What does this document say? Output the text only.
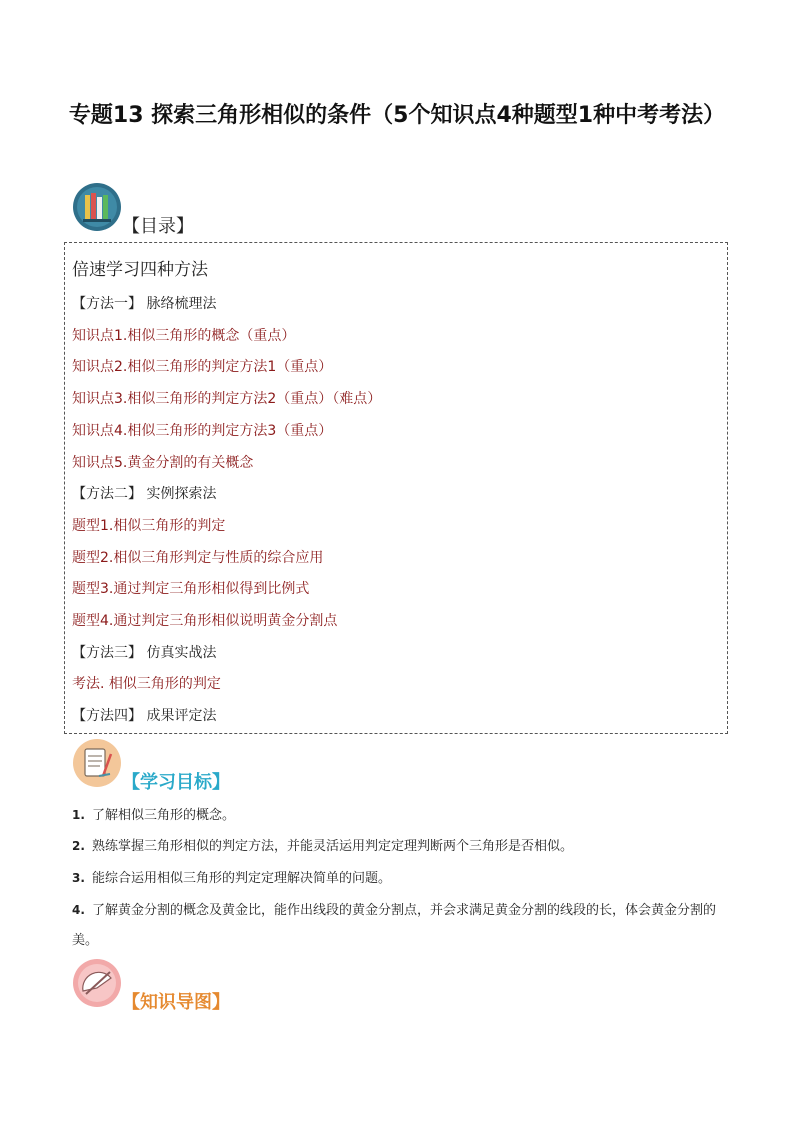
专题13 探索三角形相似的条件（5个知识点4种题型1种中考考法）
【目录】
倍速学习四种方法
【方法一】 脉络梳理法
知识点1.相似三角形的概念（重点）
知识点2.相似三角形的判定方法1（重点）
知识点3.相似三角形的判定方法2（重点）（难点）
知识点4.相似三角形的判定方法3（重点）
知识点5.黄金分割的有关概念
【方法二】 实例探索法
题型1.相似三角形的判定
题型2.相似三角形判定与性质的综合应用
题型3.通过判定三角形相似得到比例式
题型4.通过判定三角形相似说明黄金分割点
【方法三】 仿真实战法
考法. 相似三角形的判定
【方法四】 成果评定法
【学习目标】
1. 了解相似三角形的概念。
2. 熟练掌握三角形相似的判定方法，并能灵活运用判定定理判断两个三角形是否相似。
3. 能综合运用相似三角形的判定定理解决简单的问题。
4. 了解黄金分割的概念及黄金比，能作出线段的黄金分割点，并会求满足黄金分割的线段的长，体会黄金分割的美。
【知识导图】
